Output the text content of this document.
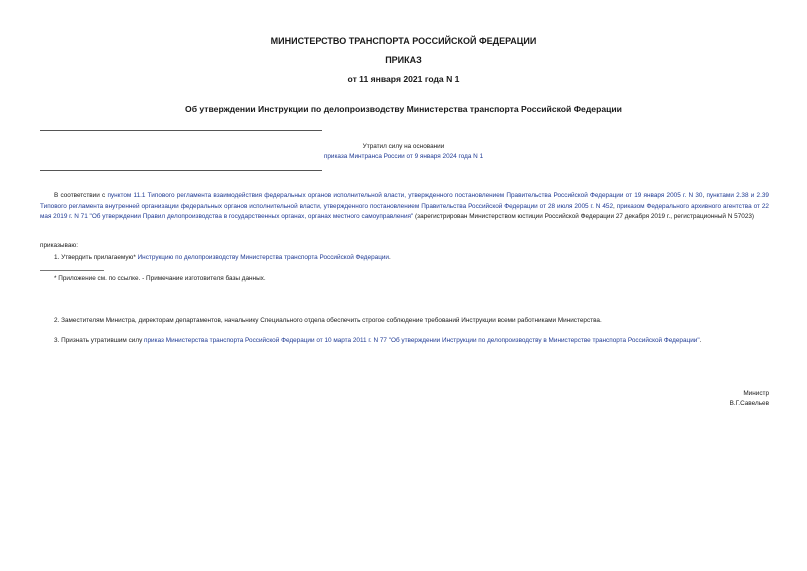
МИНИСТЕРСТВО ТРАНСПОРТА РОССИЙСКОЙ ФЕДЕРАЦИИ
ПРИКАЗ
от 11 января 2021 года N 1
Об утверждении Инструкции по делопроизводству Министерства транспорта Российской Федерации
Утратил силу на основании
приказа Минтранса России от 9 января 2024 года N 1
В соответствии с пунктом 11.1 Типового регламента взаимодействия федеральных органов исполнительной власти, утвержденного постановлением Правительства Российской Федерации от 19 января 2005 г. N 30, пунктами 2.38 и 2.39 Типового регламента внутренней организации федеральных органов исполнительной власти, утвержденного постановлением Правительства Российской Федерации от 28 июля 2005 г. N 452, приказом Федерального архивного агентства от 22 мая 2019 г. N 71 "Об утверждении Правил делопроизводства в государственных органах, органах местного самоуправления" (зарегистрирован Министерством юстиции Российской Федерации 27 декабря 2019 г., регистрационный N 57023)
приказываю:
1. Утвердить прилагаемую* Инструкцию по делопроизводству Министерства транспорта Российской Федерации.
* Приложение см. по ссылке. - Примечание изготовителя базы данных.
2. Заместителям Министра, директорам департаментов, начальнику Специального отдела обеспечить строгое соблюдение требований Инструкции всеми работниками Министерства.
3. Признать утратившим силу приказ Министерства транспорта Российской Федерации от 10 марта 2011 г. N 77 "Об утверждении Инструкции по делопроизводству в Министерстве транспорта Российской Федерации".
Министр
В.Г.Савельев
